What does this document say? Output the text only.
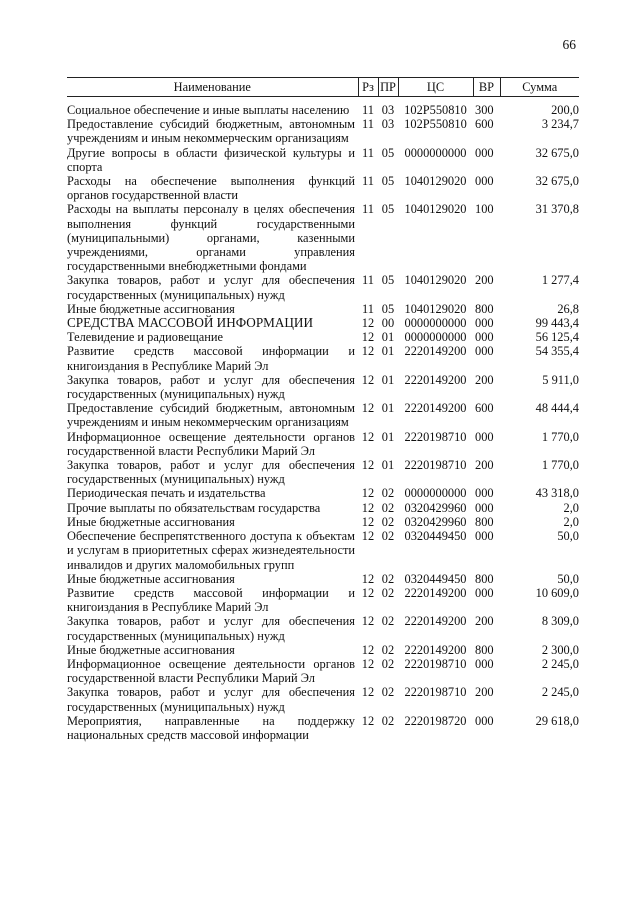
66
Наименование	Рз	ПР	ЦС	ВР	Сумма
Социальное обеспечение и иные выплаты населению	11	03	102P550810	300	200,0
Предоставление субсидий бюджетным, автономным учреждениям и иным некоммерческим организациям	11	03	102P550810	600	3 234,7
Другие вопросы в области физической культуры и спорта	11	05	0000000000	000	32 675,0
Расходы на обеспечение выполнения функций органов государственной власти	11	05	1040129020	000	32 675,0
Расходы на выплаты персоналу в целях обеспечения выполнения функций государственными (муниципальными) органами, казенными учреждениями, органами управления государственными внебюджетными фондами	11	05	1040129020	100	31 370,8
Закупка товаров, работ и услуг для обеспечения государственных (муниципальных) нужд	11	05	1040129020	200	1 277,4
Иные бюджетные ассигнования	11	05	1040129020	800	26,8
СРЕДСТВА МАССОВОЙ ИНФОРМАЦИИ	12	00	0000000000	000	99 443,4
Телевидение и радиовещание	12	01	0000000000	000	56 125,4
Развитие средств массовой информации и книгоиздания в Республике Марий Эл	12	01	2220149200	000	54 355,4
Закупка товаров, работ и услуг для обеспечения государственных (муниципальных) нужд	12	01	2220149200	200	5 911,0
Предоставление субсидий бюджетным, автономным учреждениям и иным некоммерческим организациям	12	01	2220149200	600	48 444,4
Информационное освещение деятельности органов государственной власти Республики Марий Эл	12	01	2220198710	000	1 770,0
Закупка товаров, работ и услуг для обеспечения государственных (муниципальных) нужд	12	01	2220198710	200	1 770,0
Периодическая печать и издательства	12	02	0000000000	000	43 318,0
Прочие выплаты по обязательствам государства	12	02	0320429960	000	2,0
Иные бюджетные ассигнования	12	02	0320429960	800	2,0
Обеспечение беспрепятственного доступа к объектам и услугам в приоритетных сферах жизнедеятельности инвалидов и других маломобильных групп	12	02	0320449450	000	50,0
Иные бюджетные ассигнования	12	02	0320449450	800	50,0
Развитие средств массовой информации и книгоиздания в Республике Марий Эл	12	02	2220149200	000	10 609,0
Закупка товаров, работ и услуг для обеспечения государственных (муниципальных) нужд	12	02	2220149200	200	8 309,0
Иные бюджетные ассигнования	12	02	2220149200	800	2 300,0
Информационное освещение деятельности органов государственной власти Республики Марий Эл	12	02	2220198710	000	2 245,0
Закупка товаров, работ и услуг для обеспечения государственных (муниципальных) нужд	12	02	2220198710	200	2 245,0
Мероприятия, направленные на поддержку национальных средств массовой информации	12	02	2220198720	000	29 618,0
